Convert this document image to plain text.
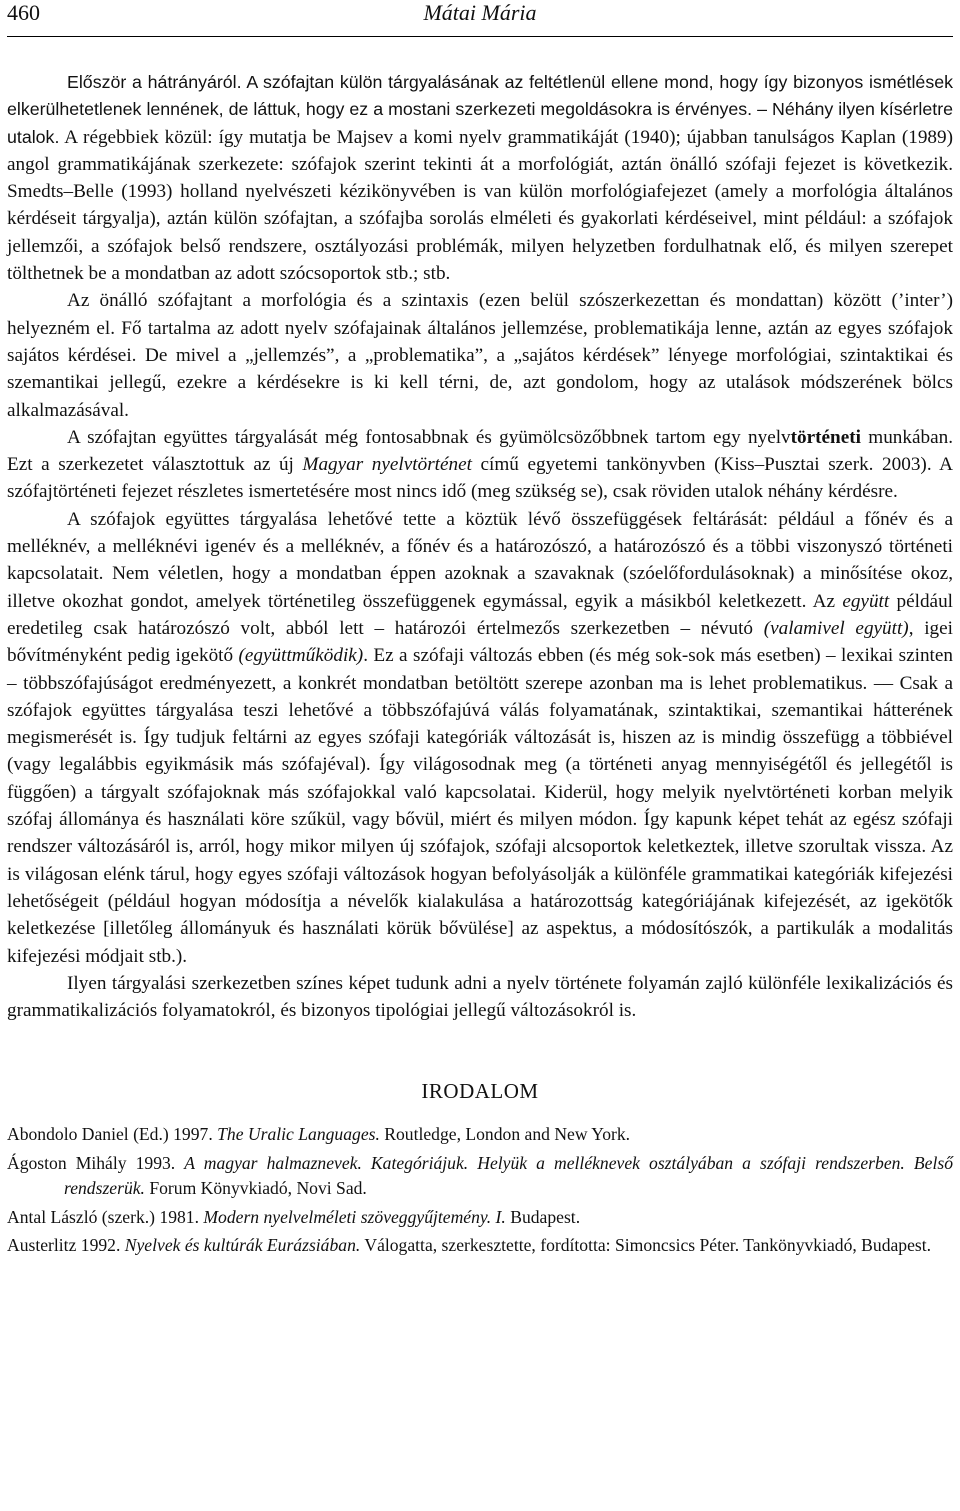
460	Mátai Mária

Először a hátrányáról. A szófajtan külön tárgyalásának az feltétlenül ellene mond, hogy így bizonyos ismétlések elkerülhetetlenek lennének, de láttuk, hogy ez a mostani szerkezeti megoldásokra is érvényes. – Néhány ilyen kísérletre utalok. A régebbiek közül: így mutatja be Majsev a komi nyelv grammatikáját (1940); újabban tanulságos Kaplan (1989) angol grammatikájának szerkezete: szófajok szerint tekinti át a morfológiát, aztán önálló szófaji fejezet is következik. Smedts–Belle (1993) holland nyelvészeti kézikönyvében is van külön morfológiafejezet (amely a morfológia általános kérdéseit tárgyalja), aztán külön szófajtan, a szófajba sorolás elméleti és gyakorlati kérdéseivel, mint például: a szófajok jellemzői, a szófajok belső rendszere, osztályozási problémák, milyen helyzetben fordulhatnak elő, és milyen szerepet tölthetnek be a mondatban az adott szócsoportok stb.; stb.

Az önálló szófajtant a morfológia és a szintaxis (ezen belül szószerkezettan és mondattan) között (’inter’) helyezném el. Fő tartalma az adott nyelv szófajainak általános jellemzése, problematikája lenne, aztán az egyes szófajok sajátos kérdései. De mivel a „jellemzés”, a „problematika”, a „sajátos kérdések” lényege morfológiai, szintaktikai és szemantikai jellegű, ezekre a kérdésekre is ki kell térni, de, azt gondolom, hogy az utalások módszerének bölcs alkalmazásával.

A szófajtan együttes tárgyalását még fontosabbnak és gyümölcsözőbbnek tartom egy nyelvtörténeti munkában. Ezt a szerkezetet választottuk az új Magyar nyelvtörténet című egyetemi tankönyvben (Kiss–Pusztai szerk. 2003). A szófajtörténeti fejezet részletes ismertetésére most nincs idő (meg szükség se), csak röviden utalok néhány kérdésre.

A szófajok együttes tárgyalása lehetővé tette a köztük lévő összefüggések feltárását: például a főnév és a melléknév, a melléknévi igenév és a melléknév, a főnév és a határozószó, a határozószó és a többi viszonyszó történeti kapcsolatait. Nem véletlen, hogy a mondatban éppen azoknak a szavaknak (szóelőfordulásoknak) a minősítése okoz, illetve okozhat gondot, amelyek történetileg összefüggenek egymással, egyik a másikból keletkezett. Az együtt például eredetileg csak határozószó volt, abból lett – határozói értelmezős szerkezetben – névutó (valamivel együtt), igei bővítményként pedig igekötő (együttműködik). Ez a szófaji változás ebben (és még sok-sok más esetben) – lexikai szinten – többszófajúságot eredményezett, a konkrét mondatban betöltött szerepe azonban ma is lehet problematikus. –– Csak a szófajok együttes tárgyalása teszi lehetővé a többszófajúvá válás folyamatának, szintaktikai, szemantikai hátterének megismerését is. Így tudjuk feltárni az egyes szófaji kategóriák változását is, hiszen az is mindig összefügg a többiével (vagy legalábbis egyikmásik más szófajéval). Így világosodnak meg (a történeti anyag mennyiségétől és jellegétől is függően) a tárgyalt szófajoknak más szófajokkal való kapcsolatai. Kiderül, hogy melyik nyelvtörténeti korban melyik szófaj állománya és használati köre szűkül, vagy bővül, miért és milyen módon. Így kapunk képet tehát az egész szófaji rendszer változásáról is, arról, hogy mikor milyen új szófajok, szófaji alcsoportok keletkeztek, illetve szorultak vissza. Az is világosan elénk tárul, hogy egyes szófaji változások hogyan befolyásolják a különféle grammatikai kategóriák kifejezési lehetőségeit (például hogyan módosítja a névelők kialakulása a határozottság kategóriájának kifejezését, az igekötők keletkezése [illetőleg állományuk és használati körük bővülése] az aspektus, a módosítószók, a partikulák a modalitás kifejezési módjait stb.).

Ilyen tárgyalási szerkezetben színes képet tudunk adni a nyelv története folyamán zajló különféle lexikalizációs és grammatikalizációs folyamatokról, és bizonyos tipológiai jellegű változásokról is.

IRODALOM
Abondolo Daniel (Ed.) 1997. The Uralic Languages. Routledge, London and New York.
Ágoston Mihály 1993. A magyar halmaznevek. Kategóriájuk. Helyük a melléknevek osztályában a szófaji rendszerben. Belső rendszerük. Forum Könyvkiadó, Novi Sad.
Antal László (szerk.) 1981. Modern nyelvelméleti szöveggyűjtemény. I. Budapest.
Austerlitz 1992. Nyelvek és kultúrák Eurázsiában. Válogatta, szerkesztette, fordította: Simoncsics Péter. Tankönyvkiadó, Budapest.
